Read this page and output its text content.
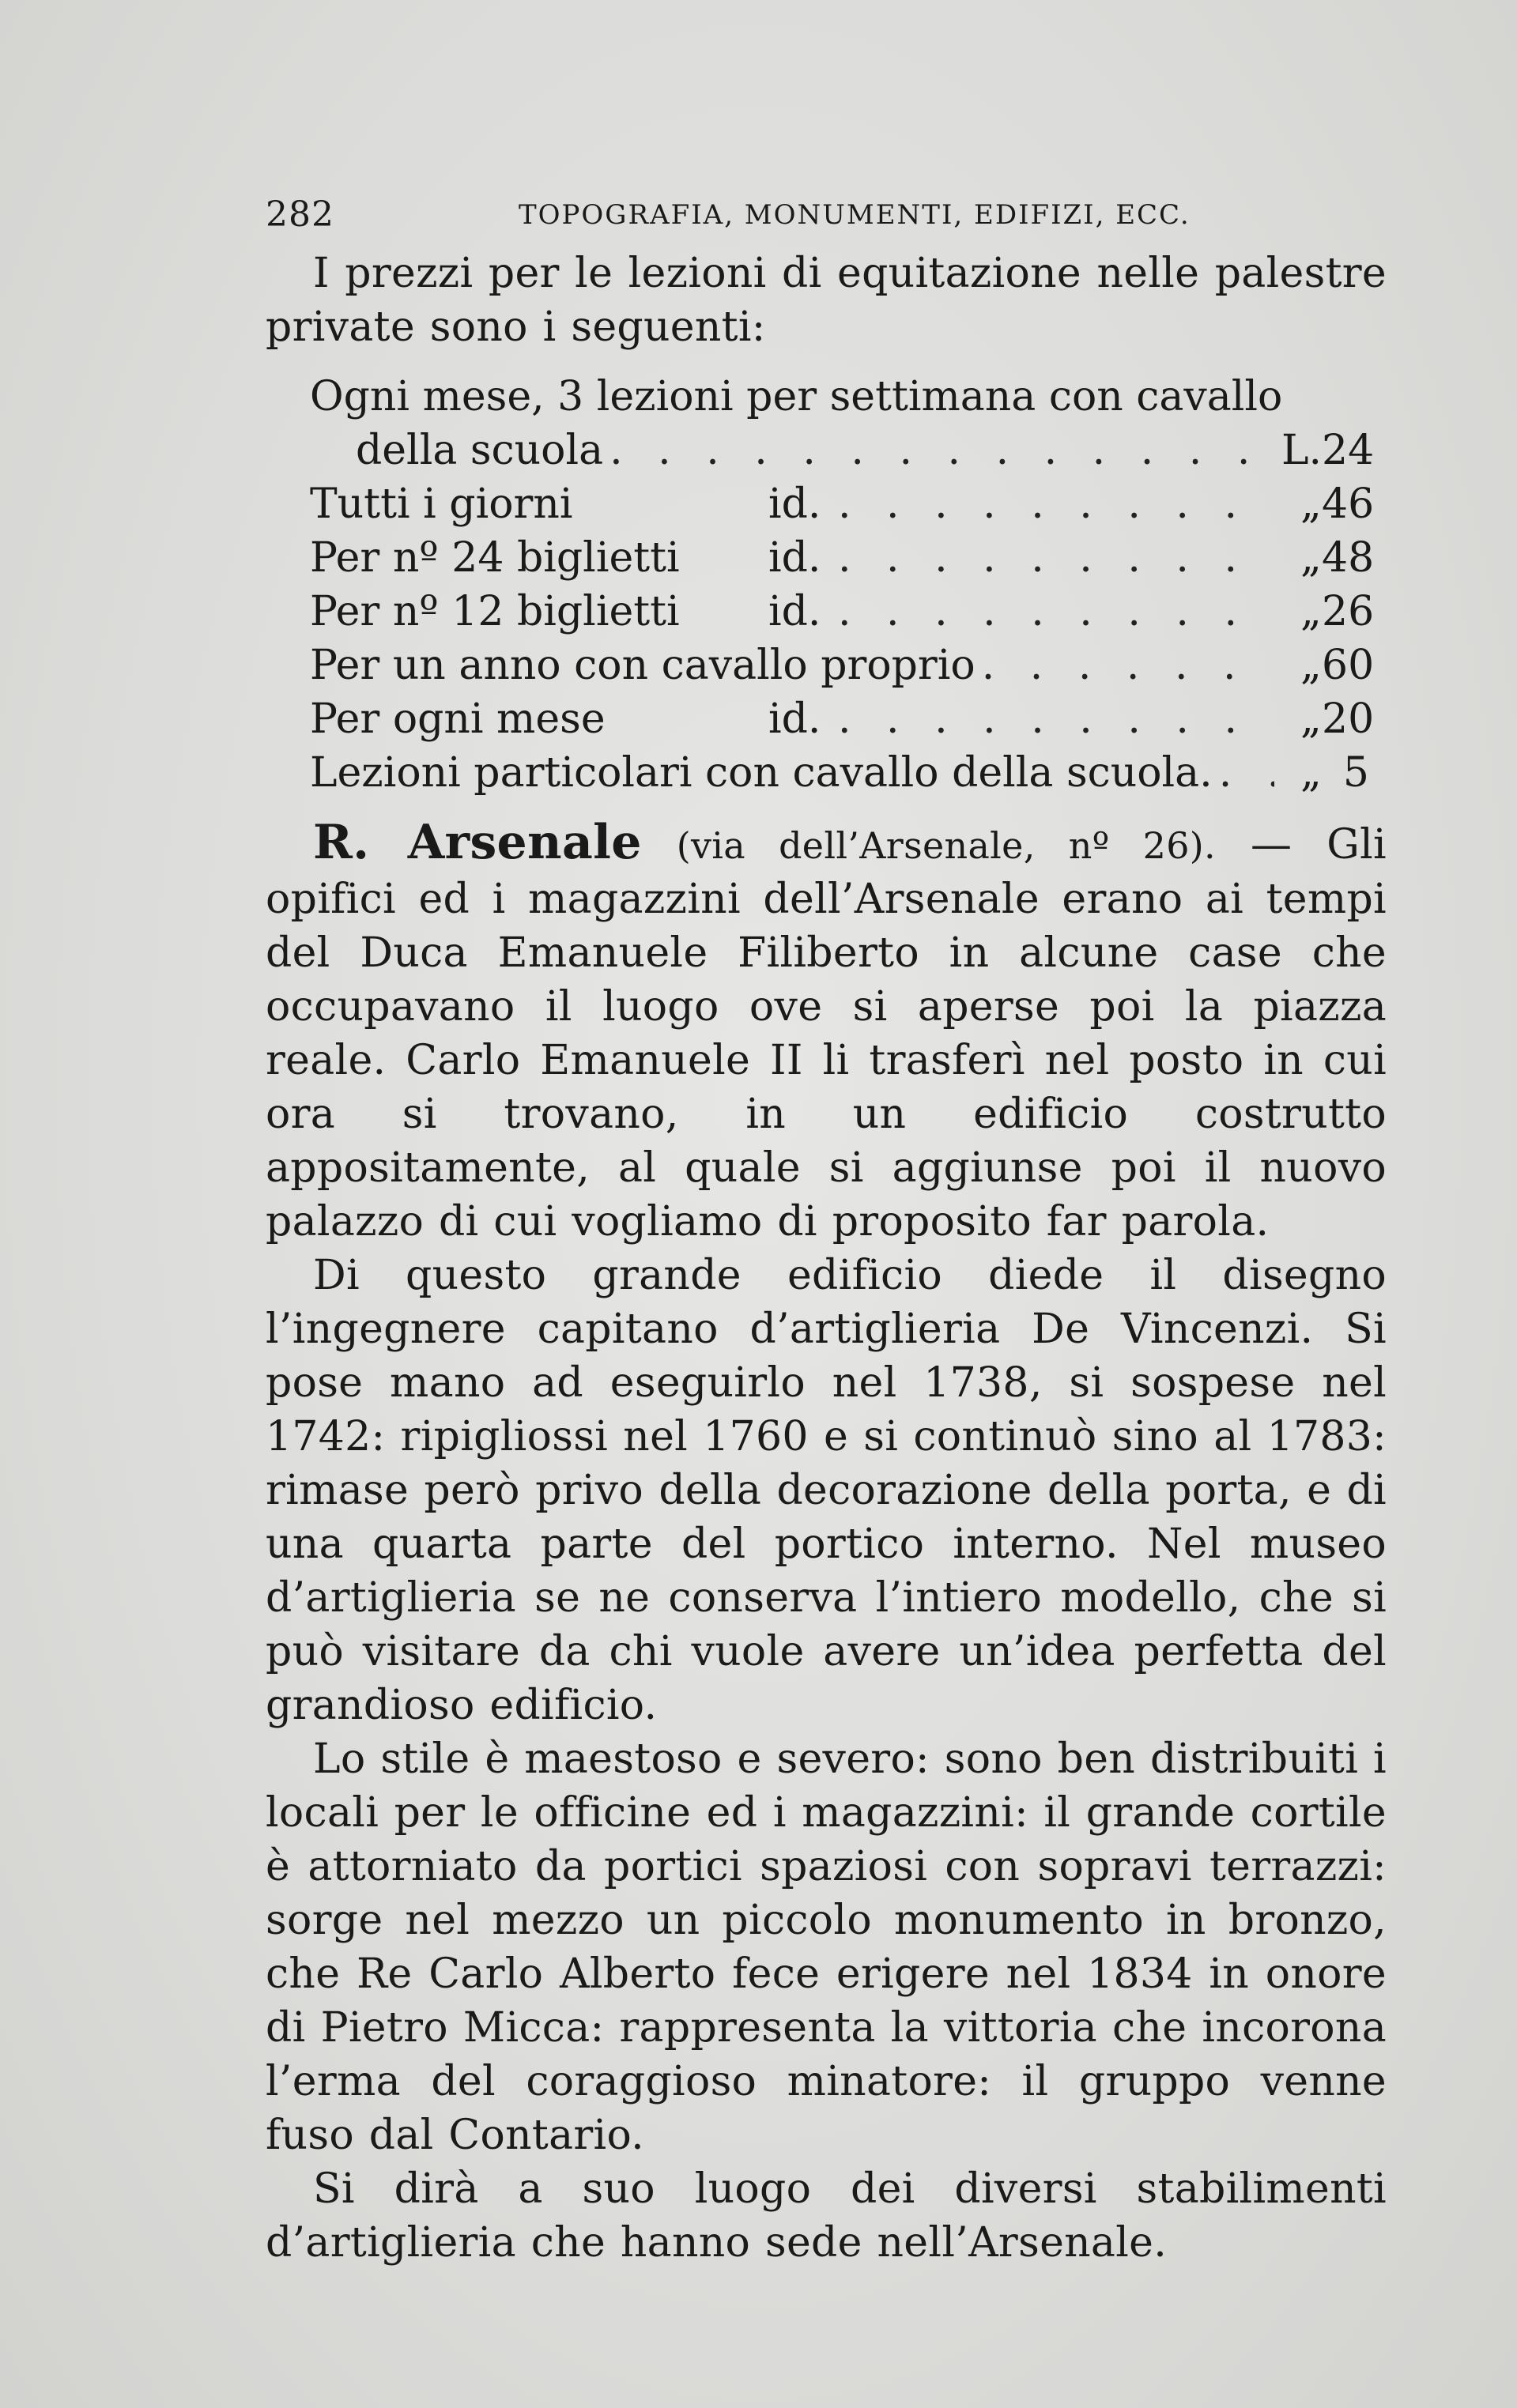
282	TOPOGRAFIA, MONUMENTI, EDIFIZI, ECC.

I prezzi per le lezioni di equitazione nelle palestre private sono i seguenti:

Ogni mese, 3 lezioni per settimana con cavallo
della scuola . . .	L. 24
Tutti i giorni	id. . . .	„ 46
Per nº 24 biglietti	id. . . .	„ 48
Per nº 12 biglietti	id. . . .	„ 26
Per un anno con cavallo proprio . . .	„ 60
Per ogni mese	id. . . .	„ 20
Lezioni particolari con cavallo della scuola. . . .	„ 5

R. Arsenale (via dell’Arsenale, nº 26). — Gli opifici ed i magazzini dell’Arsenale erano ai tempi del Duca Emanuele Filiberto in alcune case che occupavano il luogo ove si aperse poi la piazza reale. Carlo Emanuele II li trasferì nel posto in cui ora si trovano, in un edificio costrutto appositamente, al quale si aggiunse poi il nuovo palazzo di cui vogliamo di proposito far parola.

Di questo grande edificio diede il disegno l’ingegnere capitano d’artiglieria De Vincenzi. Si pose mano ad eseguirlo nel 1738, si sospese nel 1742: ripigliossi nel 1760 e si continuò sino al 1783: rimase però privo della decorazione della porta, e di una quarta parte del portico interno. Nel museo d’artiglieria se ne conserva l’intiero modello, che si può visitare da chi vuole avere un’idea perfetta del grandioso edificio.

Lo stile è maestoso e severo: sono ben distribuiti i locali per le officine ed i magazzini: il grande cortile è attorniato da portici spaziosi con sopravi terrazzi: sorge nel mezzo un piccolo monumento in bronzo, che Re Carlo Alberto fece erigere nel 1834 in onore di Pietro Micca: rappresenta la vittoria che incorona l’erma del coraggioso minatore: il gruppo venne fuso dal Contario.

Si dirà a suo luogo dei diversi stabilimenti d’artiglieria che hanno sede nell’Arsenale.
